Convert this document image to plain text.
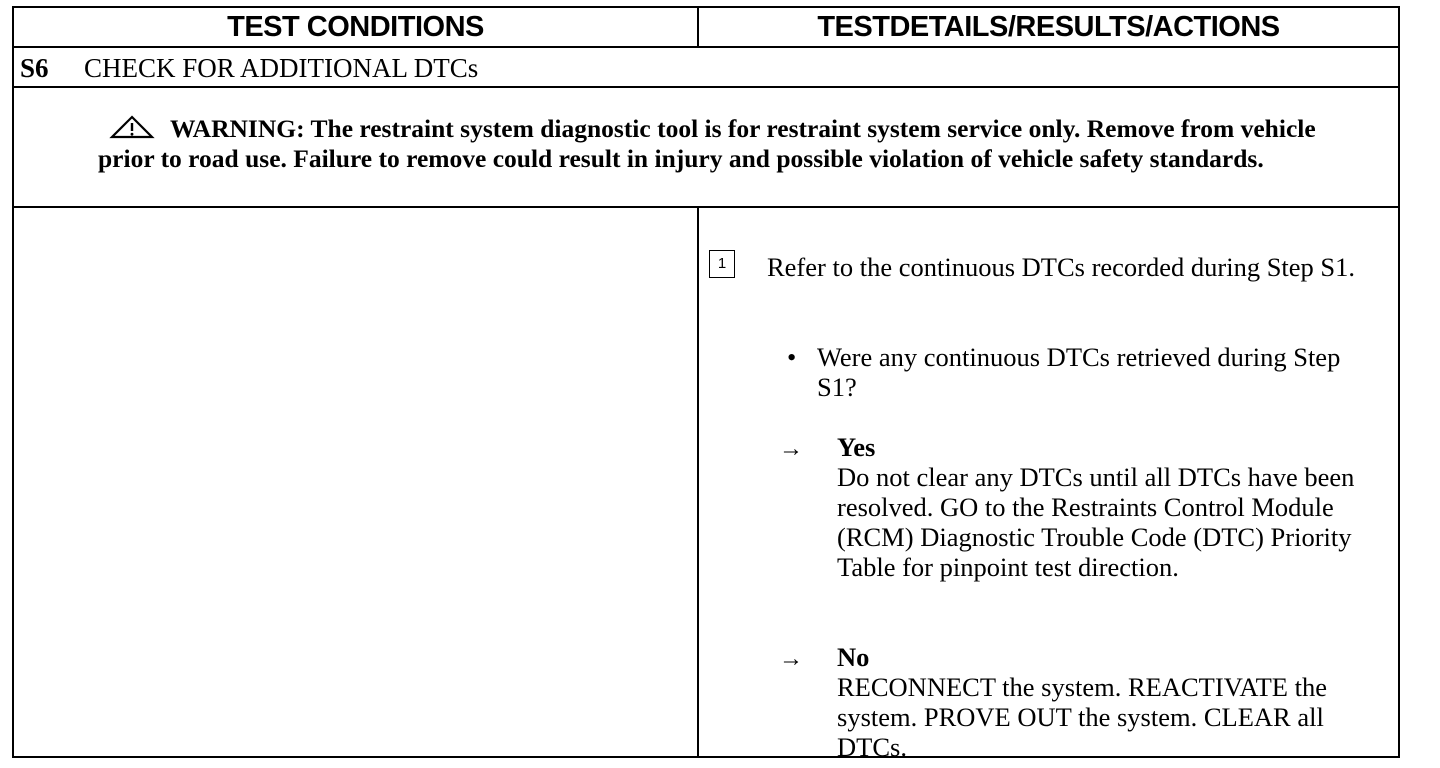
TEST CONDITIONS	TESTDETAILS/RESULTS/ACTIONS
S6 CHECK FOR ADDITIONAL DTCs
WARNING: The restraint system diagnostic tool is for restraint system service only. Remove from vehicle prior to road use. Failure to remove could result in injury and possible violation of vehicle safety standards.
1	Refer to the continuous DTCs recorded during Step S1.
• Were any continuous DTCs retrieved during Step S1?
→ Yes
Do not clear any DTCs until all DTCs have been resolved. GO to the Restraints Control Module (RCM) Diagnostic Trouble Code (DTC) Priority Table for pinpoint test direction.
→ No
RECONNECT the system. REACTIVATE the system. PROVE OUT the system. CLEAR all DTCs.
